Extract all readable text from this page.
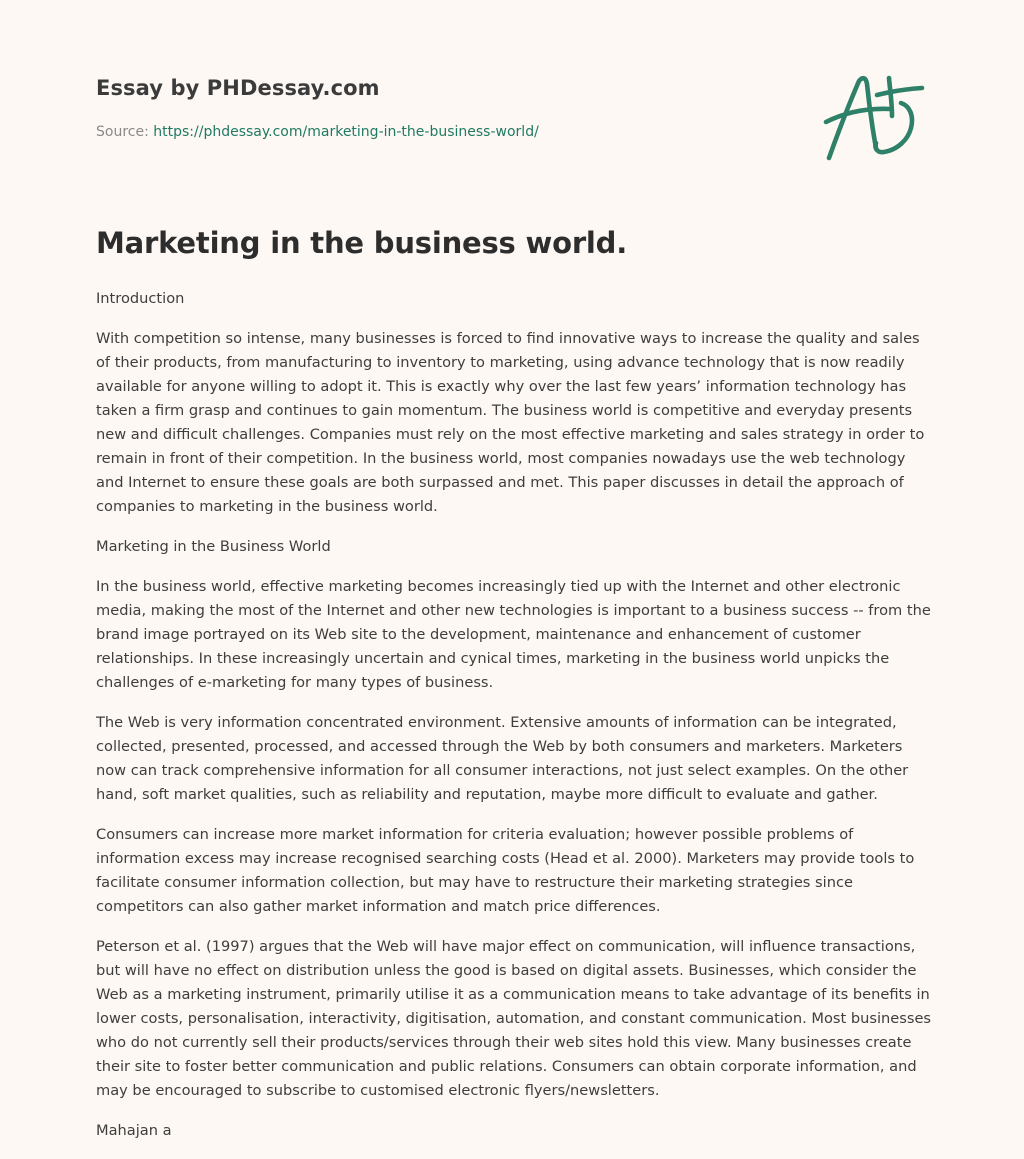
Essay by PHDessay.com
Source: https://phdessay.com/marketing-in-the-business-world/
Marketing in the business world.

Introduction

With competition so intense, many businesses is forced to find innovative ways to increase the quality and sales of their products, from manufacturing to inventory to marketing, using advance technology that is now readily available for anyone willing to adopt it. This is exactly why over the last few years’ information technology has taken a firm grasp and continues to gain momentum. The business world is competitive and everyday presents new and difficult challenges. Companies must rely on the most effective marketing and sales strategy in order to remain in front of their competition. In the business world, most companies nowadays use the web technology and Internet to ensure these goals are both surpassed and met. This paper discusses in detail the approach of companies to marketing in the business world.

Marketing in the Business World

In the business world, effective marketing becomes increasingly tied up with the Internet and other electronic media, making the most of the Internet and other new technologies is important to a business success -- from the brand image portrayed on its Web site to the development, maintenance and enhancement of customer relationships. In these increasingly uncertain and cynical times, marketing in the business world unpicks the challenges of e-marketing for many types of business.

The Web is very information concentrated environment. Extensive amounts of information can be integrated, collected, presented, processed, and accessed through the Web by both consumers and marketers. Marketers now can track comprehensive information for all consumer interactions, not just select examples. On the other hand, soft market qualities, such as reliability and reputation, maybe more difficult to evaluate and gather.

Consumers can increase more market information for criteria evaluation; however possible problems of information excess may increase recognised searching costs (Head et al. 2000). Marketers may provide tools to facilitate consumer information collection, but may have to restructure their marketing strategies since competitors can also gather market information and match price differences.

Peterson et al. (1997) argues that the Web will have major effect on communication, will influence transactions, but will have no effect on distribution unless the good is based on digital assets. Businesses, which consider the Web as a marketing instrument, primarily utilise it as a communication means to take advantage of its benefits in lower costs, personalisation, interactivity, digitisation, automation, and constant communication. Most businesses who do not currently sell their products/services through their web sites hold this view. Many businesses create their site to foster better communication and public relations. Consumers can obtain corporate information, and may be encouraged to subscribe to customised electronic flyers/newsletters.

Mahajan a
